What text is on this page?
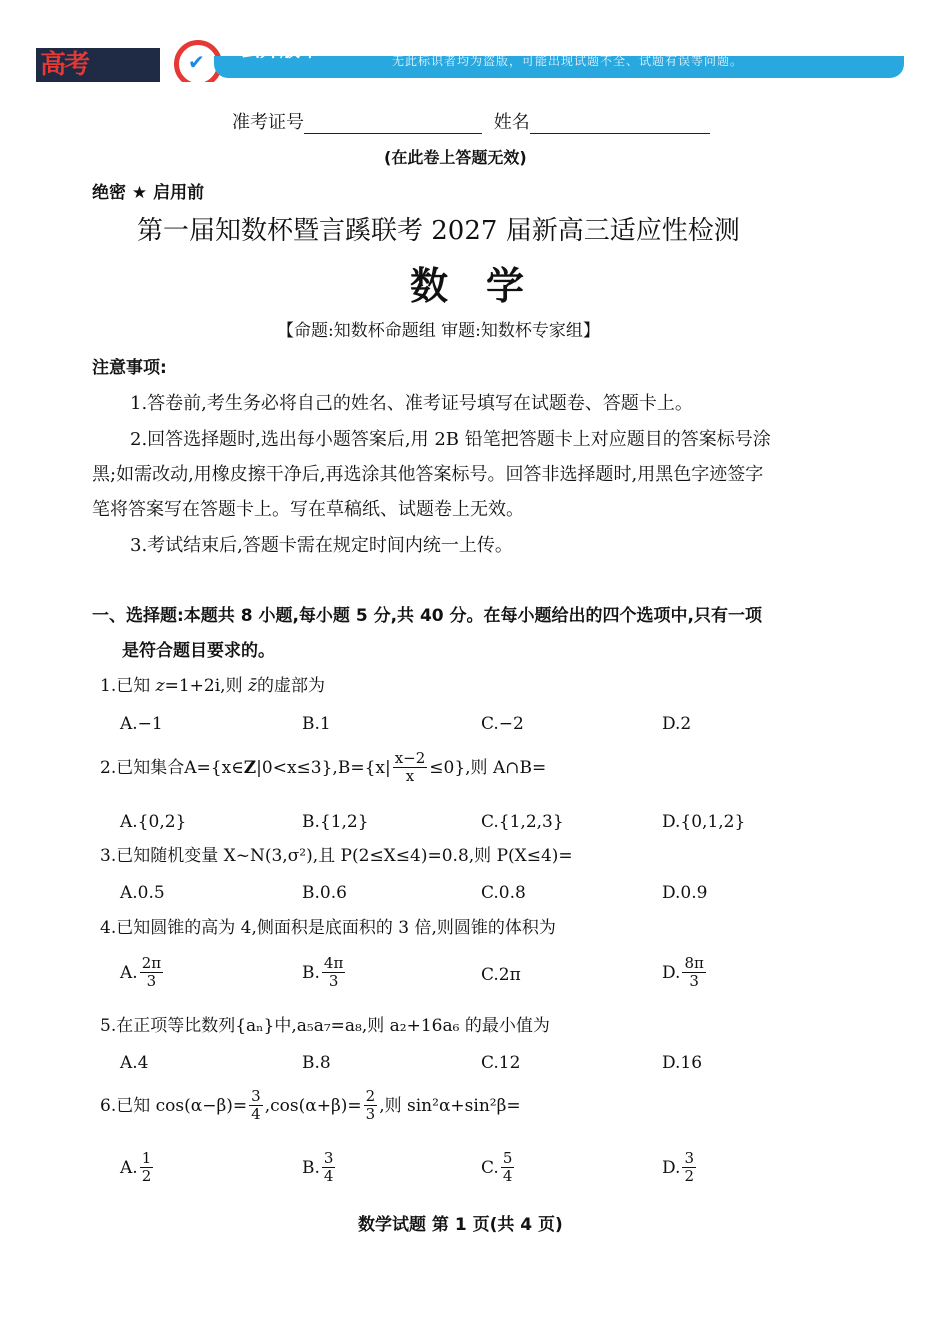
高考	✔
云开版本	无此标识者均为盗版，可能出现试题不全、试题有误等问题。
准考证号	姓名
(在此卷上答题无效)
绝密 ★ 启用前
第一届知数杯暨言蹊联考 2027 届新高三适应性检测
数　学
【命题:知数杯命题组 审题:知数杯专家组】
注意事项:
1.答卷前,考生务必将自己的姓名、准考证号填写在试题卷、答题卡上。
2.回答选择题时,选出每小题答案后,用 2B 铅笔把答题卡上对应题目的答案标号涂
黑;如需改动,用橡皮擦干净后,再选涂其他答案标号。回答非选择题时,用黑色字迹签字
笔将答案写在答题卡上。写在草稿纸、试题卷上无效。
3.考试结束后,答题卡需在规定时间内统一上传。
一、选择题:本题共 8 小题,每小题 5 分,共 40 分。在每小题给出的四个选项中,只有一项
是符合题目要求的。
1.已知 z=1+2i,则 z̄的虚部为
A.−1	B.1	C.−2	D.2
2.已知集合 A={x∈ Z $|0<x\le 3\},B=\{x| \frac{x-2}{x} \le 0\}$,则 A∩B=
A.{0,2}	B.{1,2}	C.{1,2,3}	D.{0,1,2}
3.已知随机变量 X~N(3,σ²),且 P(2≤X≤4)=0.8,则 P(X≤4)=
A.0.5	B.0.6	C.0.8	D.0.9
4.已知圆锥的高为 4,侧面积是底面积的 3 倍,则圆锥的体积为
A. $\frac{2\pi}{3}$	B. $\frac{4\pi}{3}$	C.2π	D. $\frac{8\pi}{3}$
5.在正项等比数列{aₙ}中,a₅a₇=a₈,则 a₂+16a₆ 的最小值为
A.4	B.8	C.12	D.16
6.已知 $\cos(\alpha-\beta)= \frac{3}{4} ,\cos(\alpha+\beta)= \frac{2}{3}$ ,则 sin²α+sin²β=
A. $\frac{1}{2}$	B. $\frac{3}{4}$	C. $\frac{5}{4}$	D. $\frac{3}{2}$
数学试题 第 1 页(共 4 页)
